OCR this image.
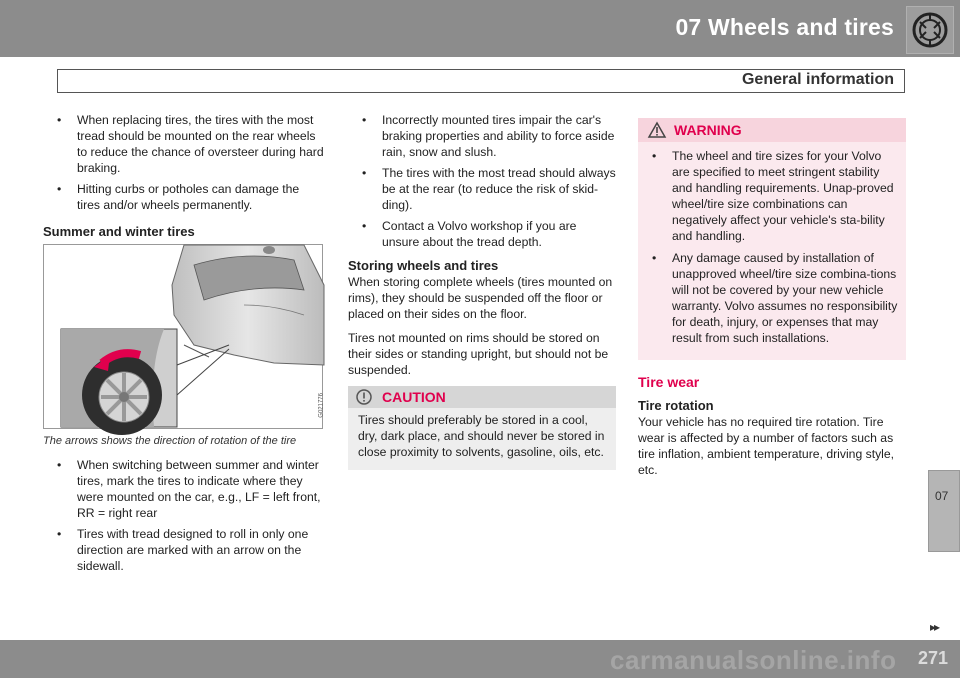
07 Wheels and tires
General information
07
▸▸
carmanualsonline.info 271
• When replacing tires, the tires with the most tread should be mounted on the rear wheels to reduce the chance of oversteer during hard braking.
• Hitting curbs or potholes can damage the tires and/or wheels permanently.
Summer and winter tires
G021776
The arrows shows the direction of rotation of the tire
• When switching between summer and winter tires, mark the tires to indicate where they were mounted on the car, e.g., LF = left front, RR = right rear
• Tires with tread designed to roll in only one direction are marked with an arrow on the sidewall.
• Incorrectly mounted tires impair the car's braking properties and ability to force aside rain, snow and slush.
• The tires with the most tread should always be at the rear (to reduce the risk of skid-ding).
• Contact a Volvo workshop if you are unsure about the tread depth.
Storing wheels and tires

When storing complete wheels (tires mounted on rims), they should be suspended off the floor or placed on their sides on the floor.

Tires not mounted on rims should be stored on their sides or standing upright, but should not be suspended.

CAUTION
Tires should preferably be stored in a cool, dry, dark place, and should never be stored in close proximity to solvents, gasoline, oils, etc.
WARNING
• The wheel and tire sizes for your Volvo are specified to meet stringent stability and handling requirements. Unap-proved wheel/tire size combinations can negatively affect your vehicle's sta-bility and handling.
• Any damage caused by installation of unapproved wheel/tire size combina-tions will not be covered by your new vehicle warranty. Volvo assumes no responsibility for death, injury, or expenses that may result from such installations.
Tire wear
Tire rotation

Your vehicle has no required tire rotation. Tire wear is affected by a number of factors such as tire inflation, ambient temperature, driving style, etc.
